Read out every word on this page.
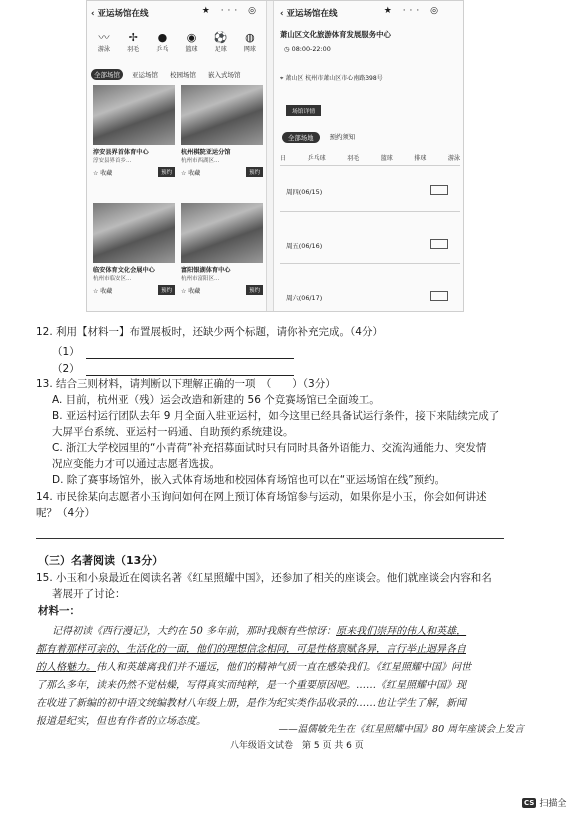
‹ 亚运场馆在线	★ ··· ◎
〰
游泳
✢
羽毛
●
乒乓
◉
篮球
⚽
足球
◍
网球
全部场馆	亚运场馆	校园场馆	嵌入式场馆
淳安县界首体育中心
淳安县界首乡...
☆ 收藏	预约
杭州棋院亚运分馆
杭州市西湖区...
☆ 收藏	预约
临安体育文化会展中心
杭州市临安区...
☆ 收藏	预约
富阳银湖体育中心
杭州市富阳区...
☆ 收藏	预约
‹ 亚运场馆在线	★ ··· ◎
萧山区文化旅游体育发展服务中心
◷ 08:00-22:00
⌖ 萧山区 杭州市萧山区市心南路398号
场馆详情
全部场地	预约须知
日	乒乓球	羽毛	篮球	排球	游泳
周四(06/15)
周五(06/16)
周六(06/17)
12. 利用【材料一】布置展板时，还缺少两个标题，请你补充完成。（4分）
（1）
（2）
13. 结合三则材料，请判断以下理解正确的一项　（　　）（3分）
A. 目前，杭州亚（残）运会改造和新建的 56 个竞赛场馆已全面竣工。
B. 亚运村运行团队去年 9 月全面入驻亚运村，如今这里已经具备试运行条件，接下来陆续完成了
大屏平台系统、亚运村一码通、自助预约系统建设。
C. 浙江大学校园里的“小青荷”补充招募面试时只有同时具备外语能力、交流沟通能力、突发情
况应变能力才可以通过志愿者选拔。
D. 除了赛事场馆外，嵌入式体育场地和校园体育场馆也可以在“亚运场馆在线”预约。
14. 市民徐某向志愿者小玉询问如何在网上预订体育场馆参与运动，如果你是小玉，你会如何讲述
呢？（4分）
（三）名著阅读（13分）
15. 小玉和小泉最近在阅读名著《红星照耀中国》，还参加了相关的座谈会。他们就座谈会内容和名
著展开了讨论：
材料一：
记得初读《西行漫记》，大约在 50 多年前，那时我颇有些惊讶：原来我们崇拜的伟人和英雄，
都有着那样可亲的、生活化的一面，他们的理想信念相同，可是性格禀赋各异，言行举止迥异各自
的人格魅力。伟人和英雄离我们并不遥远，他们的精神气质一直在感染我们。《红星照耀中国》问世
了那么多年，读来仍然不觉枯燥，写得真实而纯粹，是一个重要原因吧。……《红星照耀中国》现
在收进了新编的初中语文统编教材八年级上册，是作为纪实类作品收录的……也让学生了解，新闻
报道是纪实，但也有作者的立场态度。
——温儒敏先生在《红星照耀中国》80 周年座谈会上发言
八年级语文试卷　第 5 页 共 6 页
CS 扫描全
